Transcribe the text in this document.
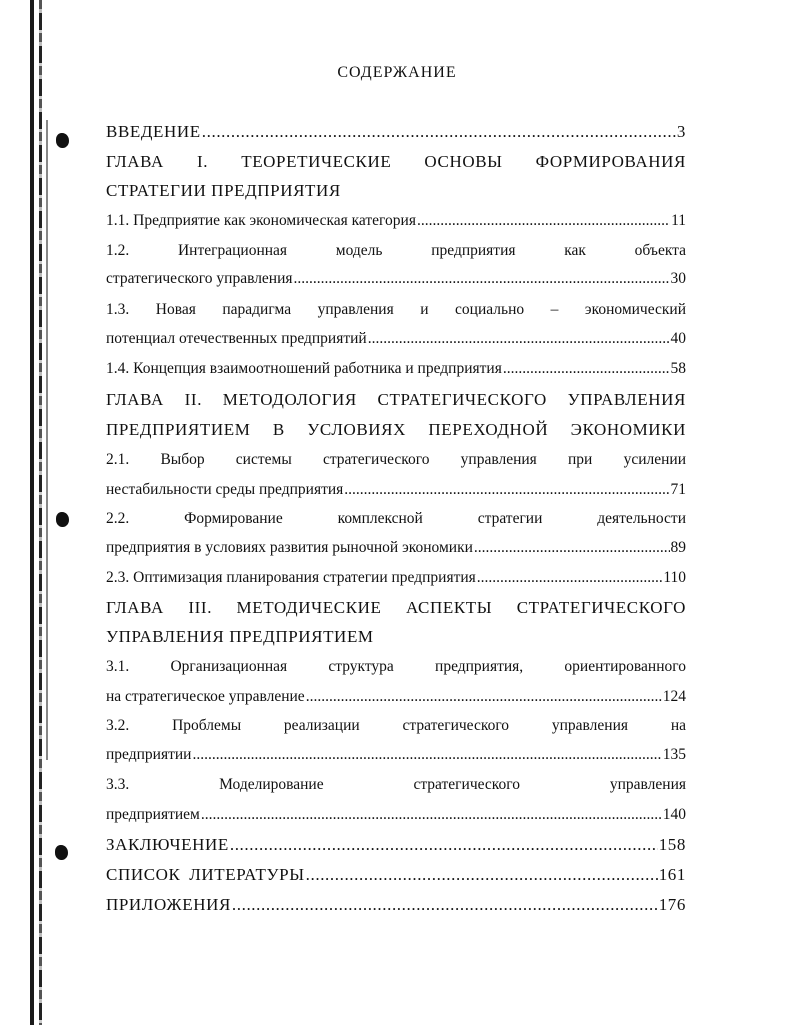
СОДЕРЖАНИЕ
ВВЕДЕНИЕ .....	3
ГЛАВА I. ТЕОРЕТИЧЕСКИЕ ОСНОВЫ ФОРМИРОВАНИЯ
СТРАТЕГИИ ПРЕДПРИЯТИЯ
1.1. Предприятие как экономическая категория .....	11
1.2. Интеграционная модель предприятия как объекта
стратегического управления .....	30
1.3. Новая парадигма управления и социально – экономический
потенциал отечественных предприятий .....	40
1.4. Концепция взаимоотношений работника и предприятия .....	58
ГЛАВА II. МЕТОДОЛОГИЯ СТРАТЕГИЧЕСКОГО УПРАВЛЕНИЯ
ПРЕДПРИЯТИЕМ В УСЛОВИЯХ ПЕРЕХОДНОЙ ЭКОНОМИКИ
2.1. Выбор системы стратегического управления при усилении
нестабильности среды предприятия .....	71
2.2. Формирование комплексной стратегии деятельности
предприятия в условиях развития рыночной экономики .....	89
2.3. Оптимизация планирования стратегии предприятия .....	110
ГЛАВА III. МЕТОДИЧЕСКИЕ АСПЕКТЫ СТРАТЕГИЧЕСКОГО
УПРАВЛЕНИЯ ПРЕДПРИЯТИЕМ
3.1. Организационная структура предприятия, ориентированного
на стратегическое управление .....	124
3.2. Проблемы реализации стратегического управления на
предприятии .....	135
3.3. Моделирование стратегического управления
предприятием .....	140
ЗАКЛЮЧЕНИЕ .....	158
СПИСОК ЛИТЕРАТУРЫ .....	161
ПРИЛОЖЕНИЯ .....	176
